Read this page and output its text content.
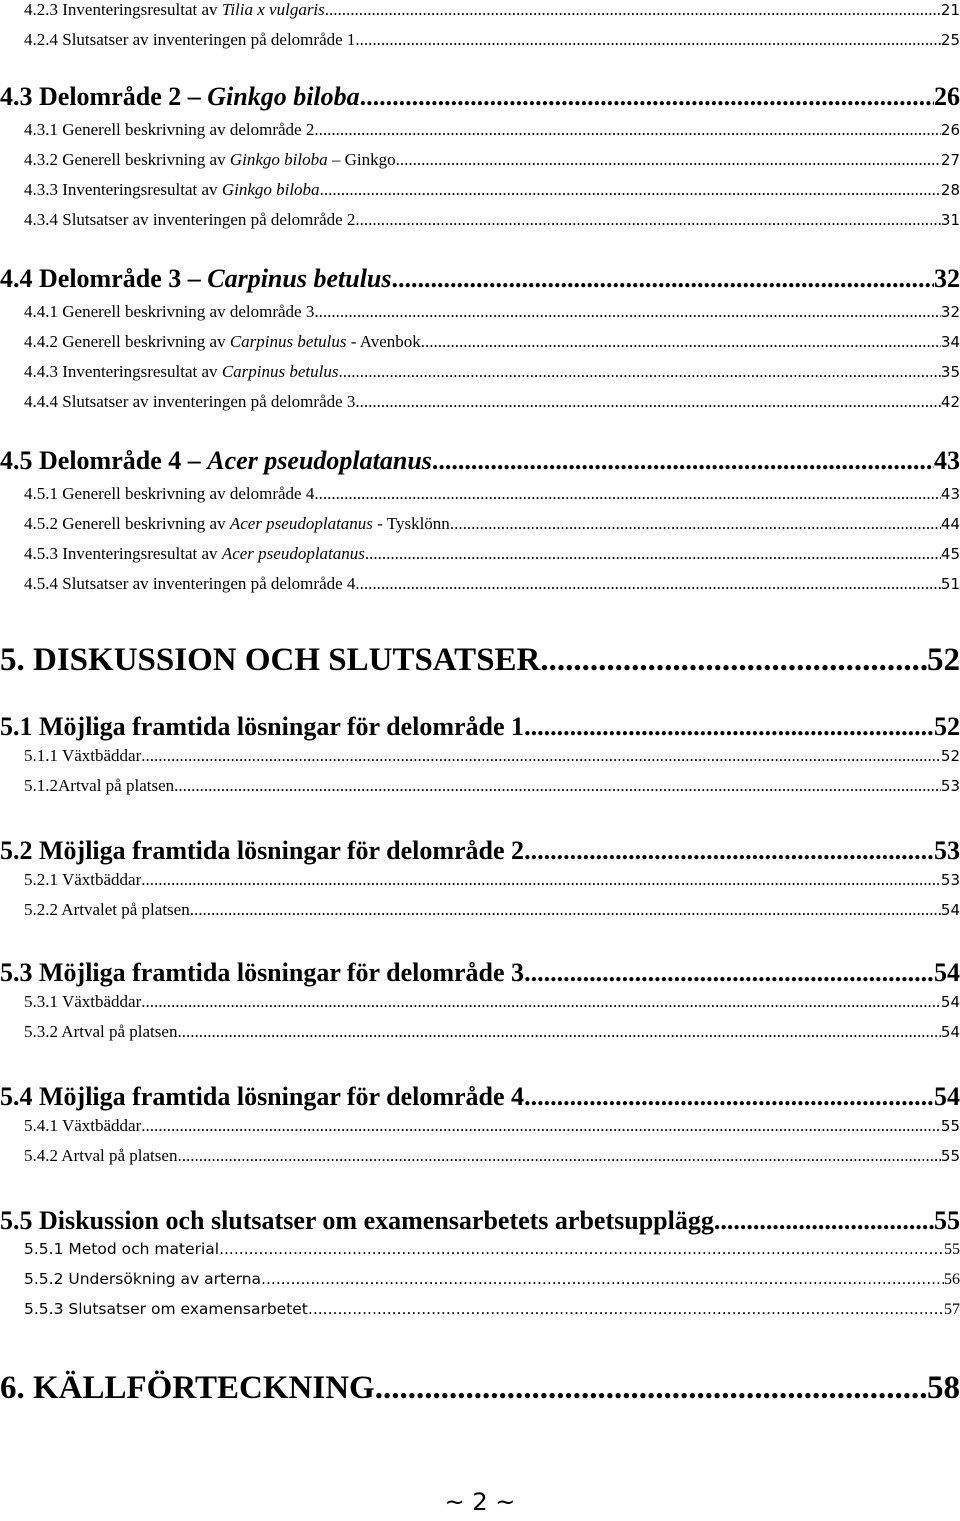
4.2.3 Inventeringsresultat av Tilia x vulgaris .....	21
4.2.4 Slutsatser av inventeringen på delområde 1. .....	25
4.3 Delområde 2 – Ginkgo biloba .....	26
4.3.1 Generell beskrivning av delområde 2. .....	26
4.3.2 Generell beskrivning av Ginkgo biloba – Ginkgo. .....	27
4.3.3 Inventeringsresultat av Ginkgo biloba .....	28
4.3.4 Slutsatser av inventeringen på delområde 2. .....	31
4.4 Delområde 3 – Carpinus betulus .....	32
4.4.1 Generell beskrivning av delområde 3 .....	32
4.4.2 Generell beskrivning av Carpinus betulus - Avenbok .....	34
4.4.3 Inventeringsresultat av Carpinus betulus .....	35
4.4.4 Slutsatser av inventeringen på delområde 3. .....	42
4.5 Delområde 4 – Acer pseudoplatanus .....	43
4.5.1 Generell beskrivning av delområde 4 .....	43
4.5.2 Generell beskrivning av Acer pseudoplatanus - Tysklönn .....	44
4.5.3 Inventeringsresultat av Acer pseudoplatanus .....	45
4.5.4 Slutsatser av inventeringen på delområde 4. .....	51
5. DISKUSSION OCH SLUTSATSER .....	52
5.1 Möjliga framtida lösningar för delområde 1 .....	52
5.1.1 Växtbäddar .....	52
5.1.2Artval på platsen .....	53
5.2 Möjliga framtida lösningar för delområde 2 .....	53
5.2.1 Växtbäddar .....	53
5.2.2 Artvalet på platsen .....	54
5.3 Möjliga framtida lösningar för delområde 3 .....	54
5.3.1 Växtbäddar .....	54
5.3.2 Artval på platsen .....	54
5.4 Möjliga framtida lösningar för delområde 4 .....	54
5.4.1 Växtbäddar .....	55
5.4.2 Artval på platsen .....	55
5.5 Diskussion och slutsatser om examensarbetets arbetsupplägg .....	55
5.5.1 Metod och material .....	55
5.5.2 Undersökning av arterna .....	56
5.5.3 Slutsatser om examensarbetet .....	57
6. KÄLLFÖRTECKNING .....	58
~ 2 ~
